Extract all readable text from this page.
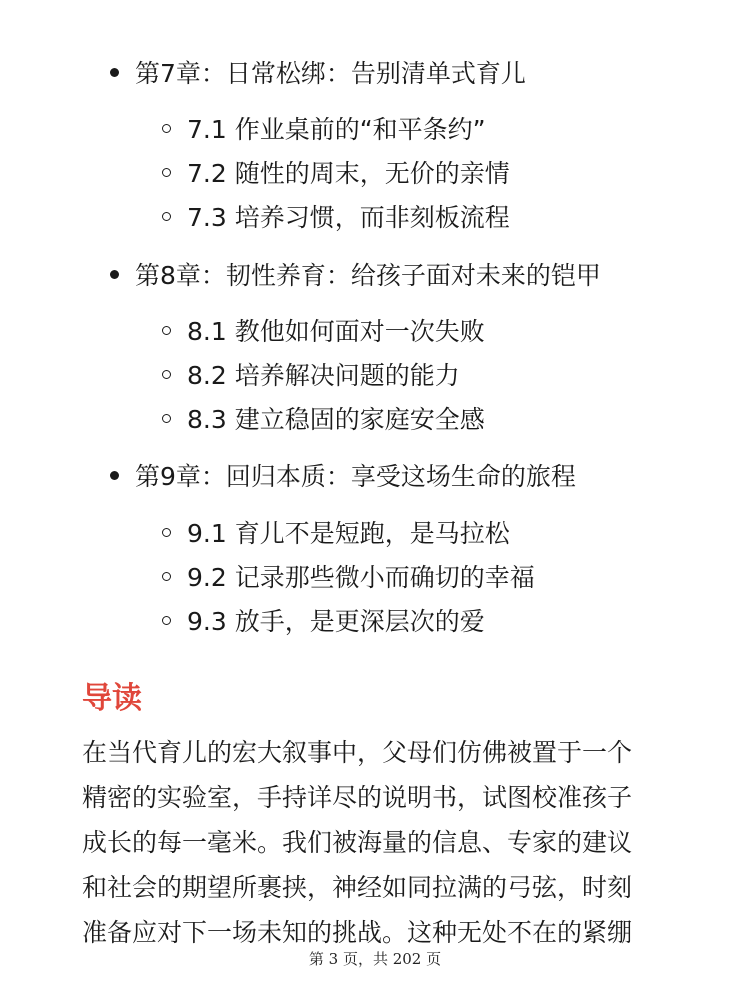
第7章：日常松绑：告别清单式育儿
7.1 作业桌前的“和平条约”
7.2 随性的周末，无价的亲情
7.3 培养习惯，而非刻板流程
第8章：韧性养育：给孩子面对未来的铠甲
8.1 教他如何面对一次失败
8.2 培养解决问题的能力
8.3 建立稳固的家庭安全感
第9章：回归本质：享受这场生命的旅程
9.1 育儿不是短跑，是马拉松
9.2 记录那些微小而确切的幸福
9.3 放手，是更深层次的爱
导读
在当代育儿的宏大叙事中，父母们仿佛被置于一个
精密的实验室，手持详尽的说明书，试图校准孩子
成长的每一毫米。我们被海量的信息、专家的建议
和社会的期望所裹挟，神经如同拉满的弓弦，时刻
准备应对下一场未知的挑战。这种无处不在的紧绷
第 3 页，共 202 页
